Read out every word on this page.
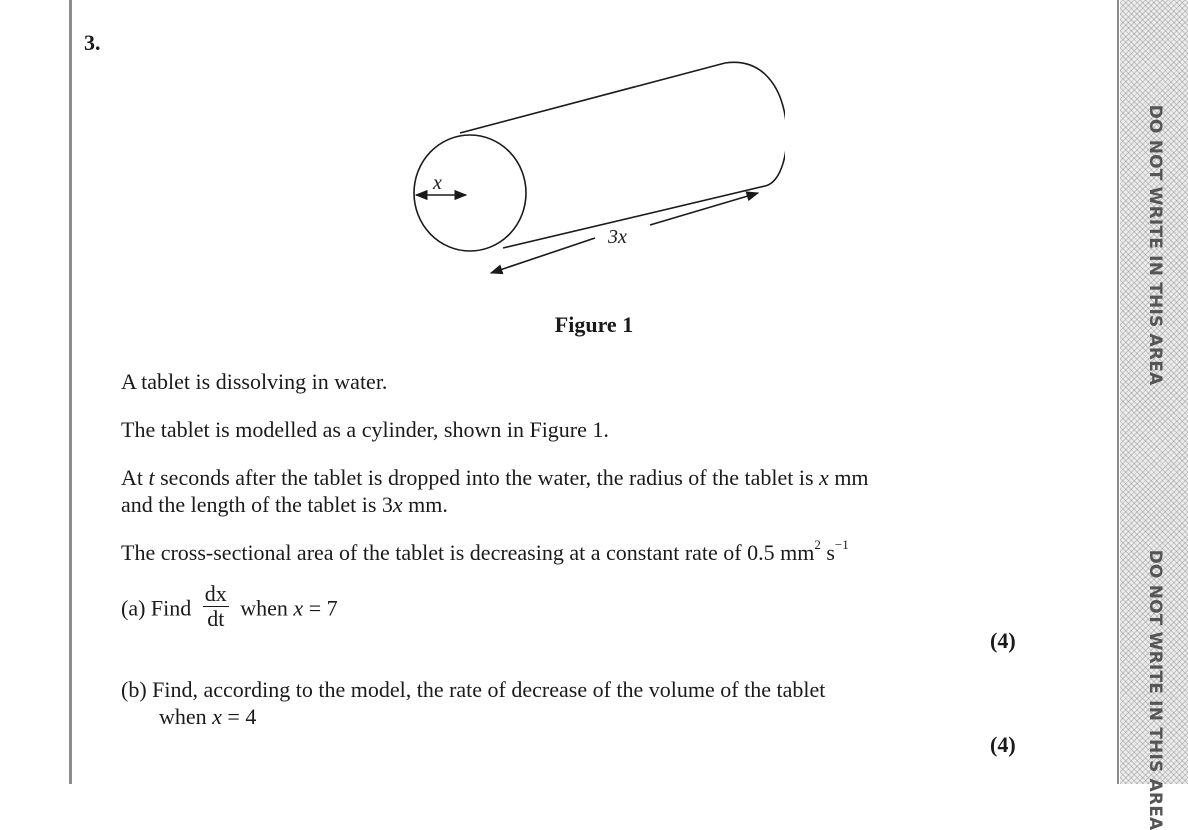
DO NOT WRITE IN THIS AREA
DO NOT WRITE IN THIS AREA
3.
x
3x
Figure 1
A tablet is dissolving in water.
The tablet is modelled as a cylinder, shown in Figure 1.
At t seconds after the tablet is dropped into the water, the radius of the tablet is x mm
and the length of the tablet is 3x mm.
The cross-sectional area of the tablet is decreasing at a constant rate of 0.5 $mm^2$ $s^{-1}$
(a) Find $\frac{dx}{dt}$ when x = 7
(4)
(b) Find, according to the model, the rate of decrease of the volume of the tablet
when x = 4
(4)
